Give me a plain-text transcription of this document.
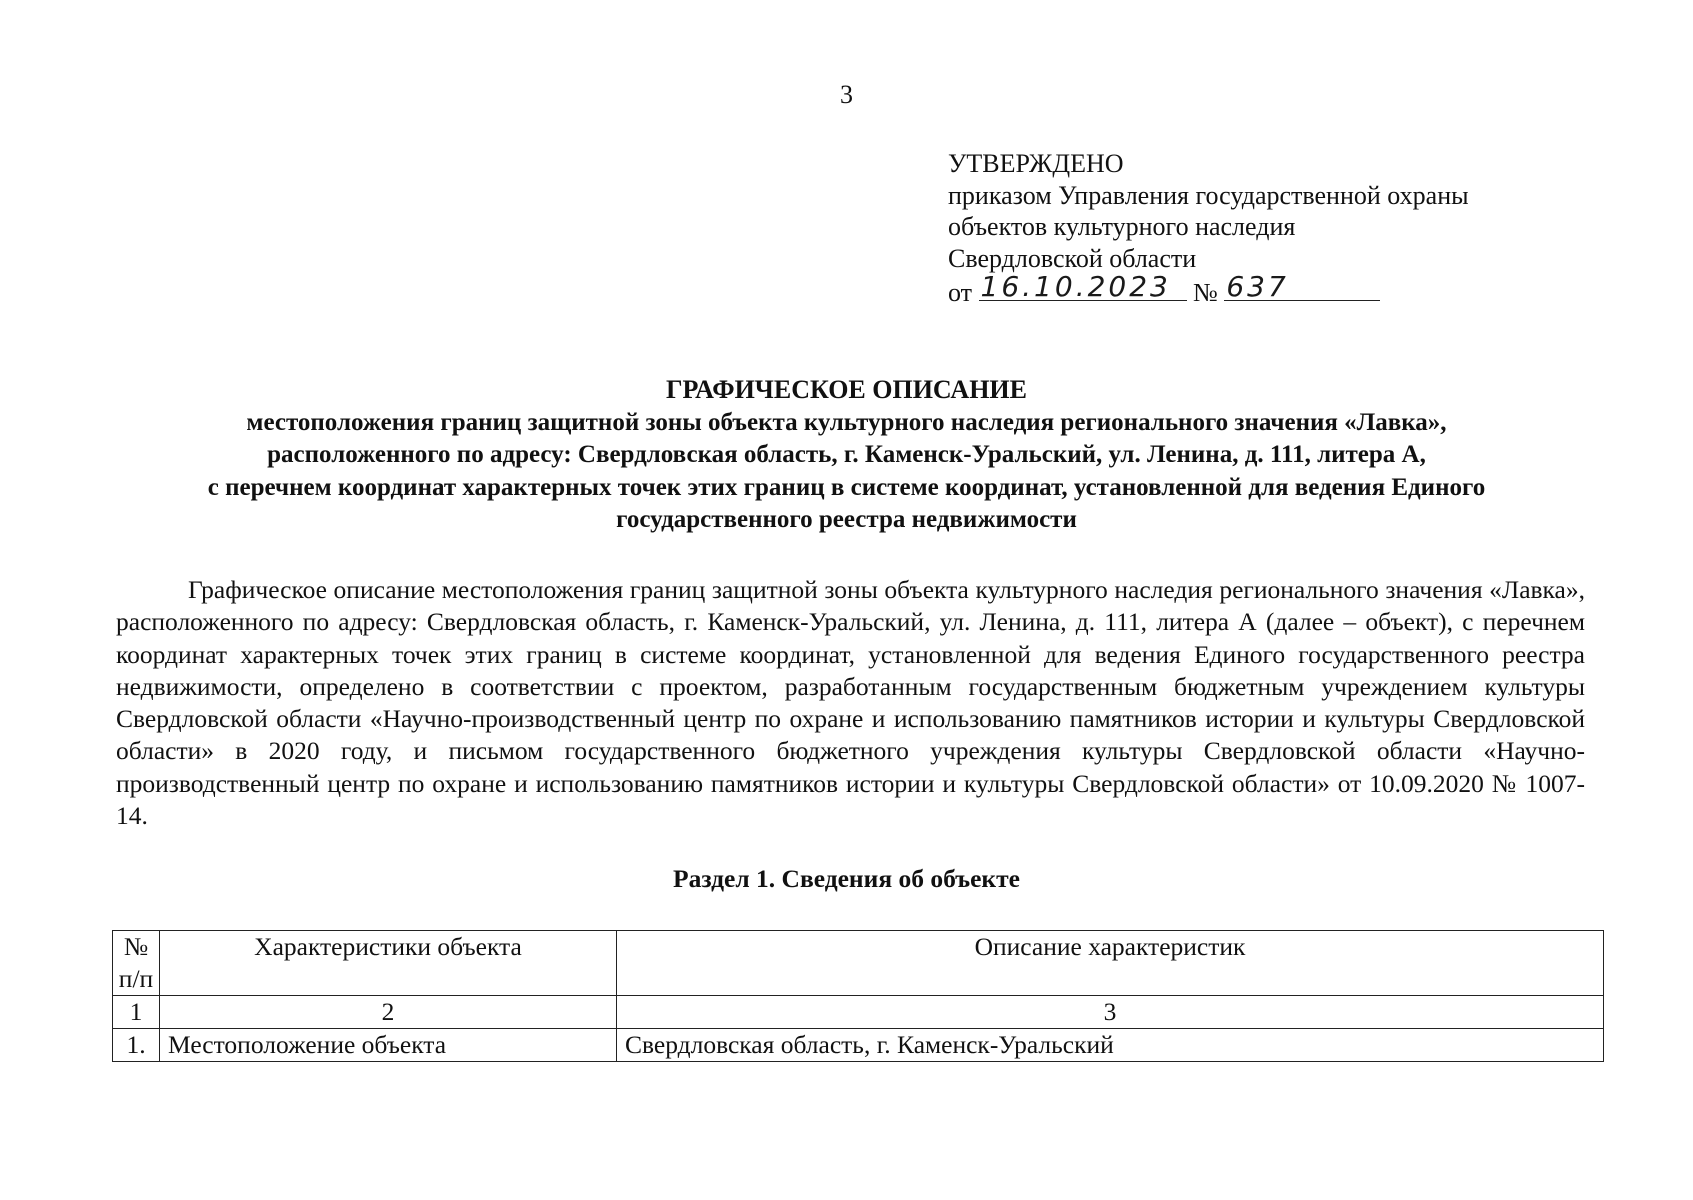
3
УТВЕРЖДЕНО
приказом Управления государственной охраны
объектов культурного наследия
Свердловской области
от 16.10.2023 № 637
ГРАФИЧЕСКОЕ ОПИСАНИЕ
местоположения границ защитной зоны объекта культурного наследия регионального значения «Лавка»,
расположенного по адресу: Свердловская область, г. Каменск-Уральский, ул. Ленина, д. 111, литера А,
с перечнем координат характерных точек этих границ в системе координат, установленной для ведения Единого
государственного реестра недвижимости
Графическое описание местоположения границ защитной зоны объекта культурного наследия регионального значения «Лавка», расположенного по адресу: Свердловская область, г. Каменск-Уральский, ул. Ленина, д. 111, литера А (далее – объект), с перечнем координат характерных точек этих границ в системе координат, установленной для ведения Единого государственного реестра недвижимости, определено в соответствии с проектом, разработанным государственным бюджетным учреждением культуры Свердловской области «Научно-производственный центр по охране и использованию памятников истории и культуры Свердловской области» в 2020 году, и письмом государственного бюджетного учреждения культуры Свердловской области «Научно-производственный центр по охране и использованию памятников истории и культуры Свердловской области» от 10.09.2020 № 1007-14.
Раздел 1. Сведения об объекте
№ п/п	Характеристики объекта	Описание характеристик
1	2	3
1.	Местоположение объекта	Свердловская область, г. Каменск-Уральский
